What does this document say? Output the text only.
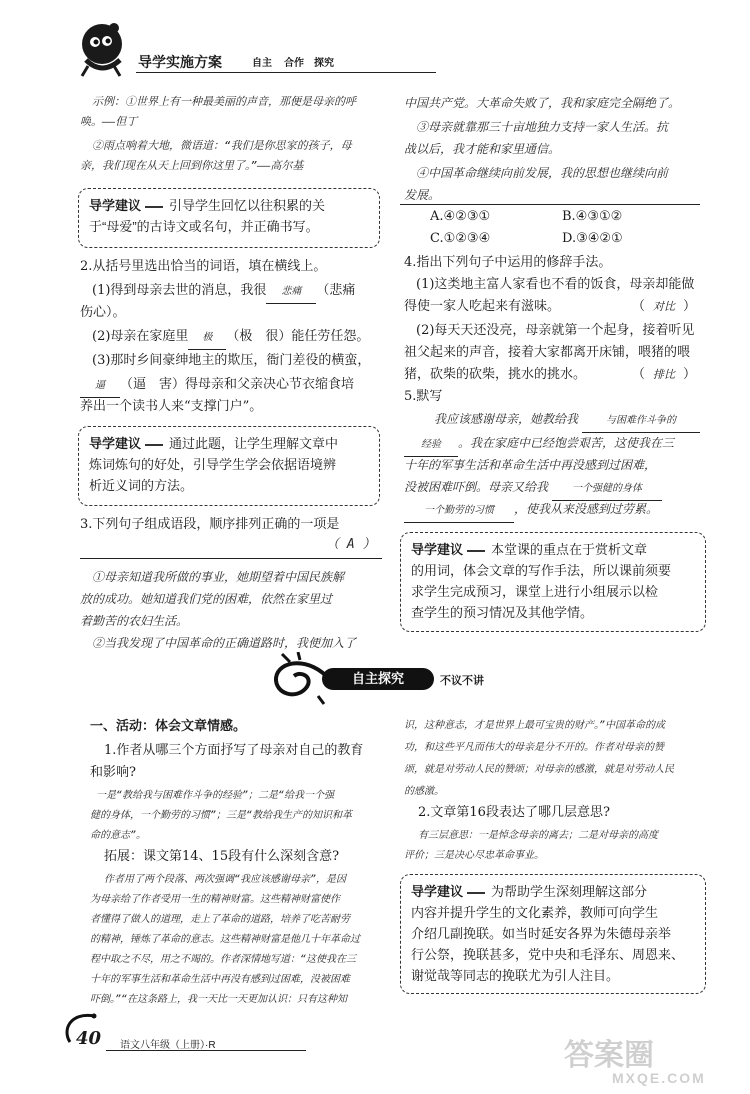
导学实施方案	自主 合作 探究
示例：①世界上有一种最美丽的声音，那便是母亲的呼
唤。——但丁
②雨点响着大地，微语道：“我们是你思家的孩子，母
亲，我们现在从天上回到你这里了。”——高尔基
导学建议 引导学生回忆以往积累的关
于“母爱”的古诗文或名句，并正确书写。
2.从括号里选出恰当的词语，填在横线上。
(1)得到母亲去世的消息，我很 悲痛 （悲痛
伤心）。
(2)母亲在家庭里 极 （极　很）能任劳任怨。
(3)那时乡间豪绅地主的欺压，衙门差役的横蛮，
逼 （逼　害）得母亲和父亲决心节衣缩食培
养出一个读书人来“支撑门户”。
导学建议 通过此题，让学生理解文章中
炼词炼句的好处，引导学生学会依据语境辨
析近义词的方法。
3.下列句子组成语段，顺序排列正确的一项是
（ A ）
①母亲知道我所做的事业，她期望着中国民族解
放的成功。她知道我们党的困难，依然在家里过
着勤苦的农妇生活。
②当我发现了中国革命的正确道路时，我便加入了
中国共产党。大革命失败了，我和家庭完全隔绝了。
③母亲就靠那三十亩地独力支持一家人生活。抗
战以后，我才能和家里通信。
④中国革命继续向前发展，我的思想也继续向前
发展。
A.④②③①	B.④③①②
C.①②③④	D.③④②①
4.指出下列句子中运用的修辞手法。
(1)这类地主富人家看也不看的饭食，母亲却能做
得使一家人吃起来有滋味。	（ 对比 ）
(2)每天天还没亮，母亲就第一个起身，接着听见
祖父起来的声音，接着大家都离开床铺，喂猪的喂
猪，砍柴的砍柴，挑水的挑水。	（ 排比 ）
5.默写
我应该感谢母亲，她教给我	与困难作斗争的
经验 。我在家庭中已经饱尝艰苦，这使我在三
十年的军事生活和革命生活中再没感到过困难，
没被困难吓倒。母亲又给我 一个强健的身体
一个勤劳的习惯 ，使我从来没感到过劳累。
导学建议 本堂课的重点在于赏析文章
的用词，体会文章的写作手法，所以课前须要
求学生完成预习，课堂上进行小组展示以检
查学生的预习情况及其他学情。
自主探究	不议不讲
一、活动：体会文章情感。
1.作者从哪三个方面抒写了母亲对自己的教育
和影响?
一是“教给我与困难作斗争的经验”；二是“给我一个强
健的身体，一个勤劳的习惯”；三是“教给我生产的知识和革
命的意志”。
拓展：课文第14、15段有什么深刻含意?
作者用了两个段落、两次强调“我应该感谢母亲”，是因
为母亲给了作者受用一生的精神财富。这些精神财富使作
者懂得了做人的道理，走上了革命的道路，培养了吃苦耐劳
的精神，锤炼了革命的意志。这些精神财富是他几十年革命过
程中取之不尽，用之不竭的。作者深情地写道：“这使我在三
十年的军事生活和革命生活中再没有感到过困难，没被困难
吓倒。”“在这条路上，我一天比一天更加认识：只有这种知
识，这种意志，才是世界上最可宝贵的财产。”中国革命的成
功，和这些平凡而伟大的母亲是分不开的。作者对母亲的赞
颂，就是对劳动人民的赞颂；对母亲的感激，就是对劳动人民
的感激。
2.文章第16段表达了哪几层意思?
有三层意思：一是悼念母亲的离去；二是对母亲的高度
评价；三是决心尽忠革命事业。
导学建议 为帮助学生深刻理解这部分
内容并提升学生的文化素养，教师可向学生
介绍几副挽联。如当时延安各界为朱德母亲举
行公祭，挽联甚多，党中央和毛泽东、周恩来、
谢觉哉等同志的挽联尤为引人注目。
40 语文八年级（上册）·R	答案圈
MXQE.COM
